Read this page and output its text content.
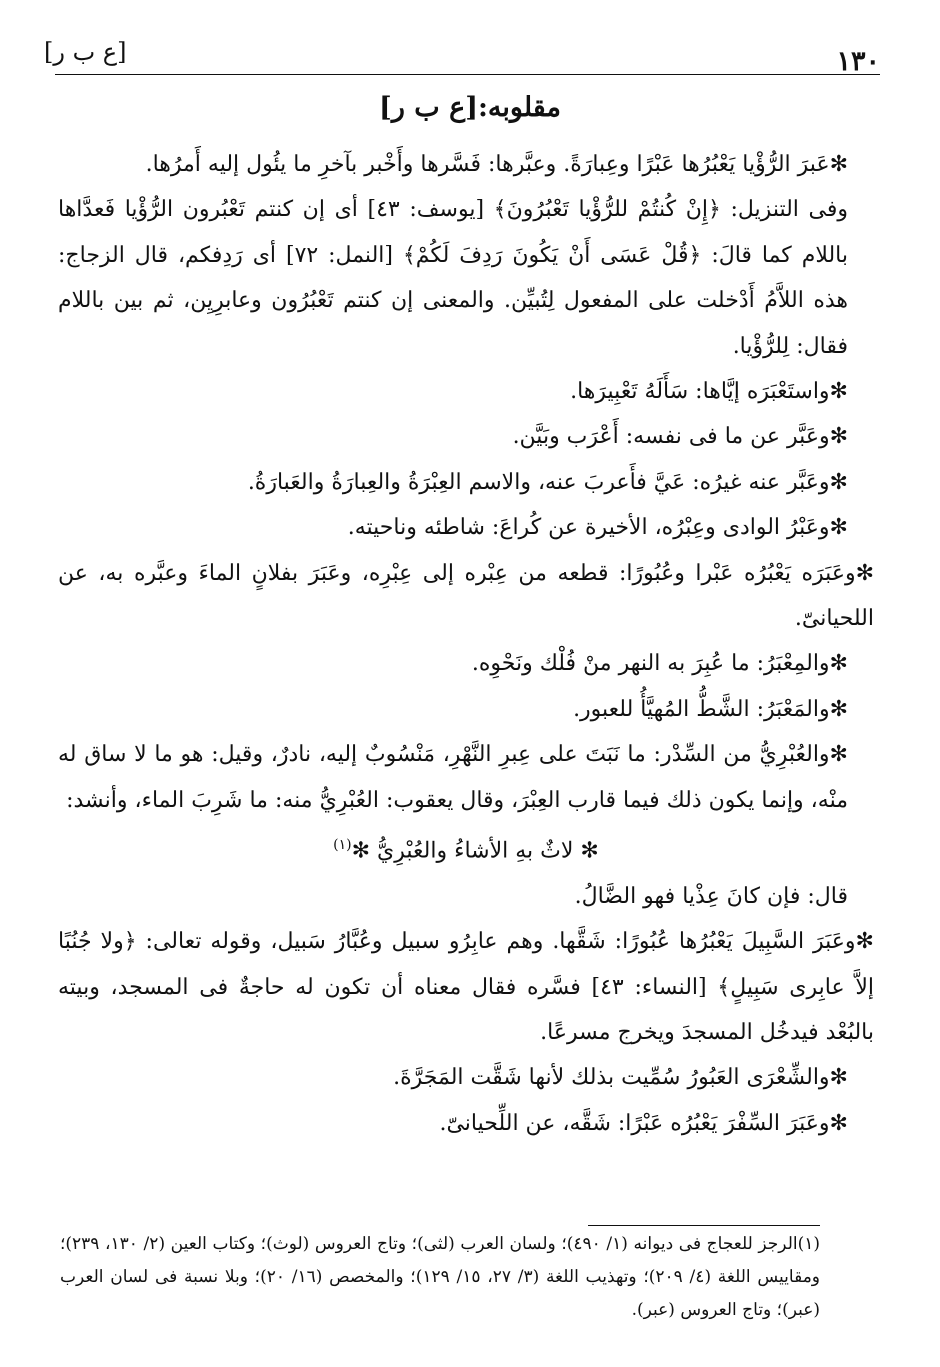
١٣٠
[ع ب ر]
مقلوبه:[ع ب ر]

✻عَبرَ الرُّؤْيا يَعْبُرُها عَبْرًا وعِبارَةً. وعبَّرها: فَسَّرها وأَخْبر بآخرِ ما يئُول إليه أَمرُها.

وفى التنزيل: ﴿إِنْ كُنتُمْ للرُّؤْيا تَعْبُرُونَ﴾ [يوسف: ٤٣] أى إن كنتم تَعْبُرون الرُّؤْيا فَعدَّاها باللام كما قالَ: ﴿قُلْ عَسَى أَنْ يَكُونَ رَدِفَ لَكُمْ﴾ [النمل: ٧٢] أى رَدِفكم، قال الزجاج: هذه اللاَّمُ أَدْخلت على المفعول لِتُبيِّن. والمعنى إن كنتم تَعْبُرُون وعابرِيِن، ثم بين باللام فقال: لِلرُّؤْيا.

✻واستَعْبَرَه إيَّاها: سَأَلَهُ تَعْبِيرَها.

✻وعَبَّر عن ما فى نفسه: أَعْرَب وبَيَّن.

✻وعَبَّر عنه غيرُه: عَيَّ فأَعربَ عنه، والاسم العِبْرَةُ والعِبارَةُ والعَبارَةُ.

✻وعَبْرُ الوادى وعِبْرُه، الأخيرة عن كُراعَ: شاطئه وناحيته.

✻وعَبَرَه يَعْبُرُه عَبْرا وعُبُورًا: قطعه من عِبْره إلى عِبْرِه، وعَبَرَ بفلانٍ الماءَ وعبَّره به، عن اللحيانىّ.

✻والمِعْبَرُ: ما عُبِرَ به النهر منْ فُلْك ونَحْوِه.

✻والمَعْبَرُ: الشَّطُّ المُهيَّأُ للعبور.

✻والعُبْرِيُّ من السِّدْر: ما نَبَتَ على عِبرِ النَّهْرِ، مَنْسُوبٌ إليه، نادرٌ، وقيل: هو ما لا ساق له منْه، وإنما يكون ذلك فيما قارب العِبْرَ، وقال يعقوب: العُبْرِيُّ منه: ما شَرِبَ الماء، وأنشد:

✻ لاثٌ بهِ الأشاءُ والعُبْرِيُّ ✻$^{(١)}$

قال: فإن كانَ عِذْيا فهو الضَّالُ.

✻وعَبَرَ السَّبِيلَ يَعْبُرُها عُبُورًا: شَقَّها. وهم عابِرُو سبيل وعُبَّارُ سَبيل، وقوله تعالى: ﴿ولا جُنُبًا إلاَّ عابِرى سَبِيلٍ﴾ [النساء: ٤٣] فسَّره فقال معناه أن تكون له حاجةٌ فى المسجد، وبيته بالبُعْد فيدخُل المسجدَ ويخرج مسرعًا.

✻والشِّعْرَى العَبُورُ سُمِّيت بذلك لأنها شَقَّت المَجَرَّةَ.

✻وعَبَرَ السِّفْرَ يَعْبُرُه عَبْرًا: شَقَّه، عن اللِّحيانىّ.

(١)الرجز للعجاج فى ديوانه (١/ ٤٩٠)؛ ولسان العرب (لثى)؛ وتاج العروس (لوث)؛ وكتاب العين (٢/ ١٣٠، ٢٣٩)؛ ومقاييس اللغة (٤/ ٢٠٩)؛ وتهذيب اللغة (٣/ ٢٧، ١٥/ ١٢٩)؛ والمخصص (١٦/ ٢٠)؛ وبلا نسبة فى لسان العرب (عبر)؛ وتاج العروس (عبر).
